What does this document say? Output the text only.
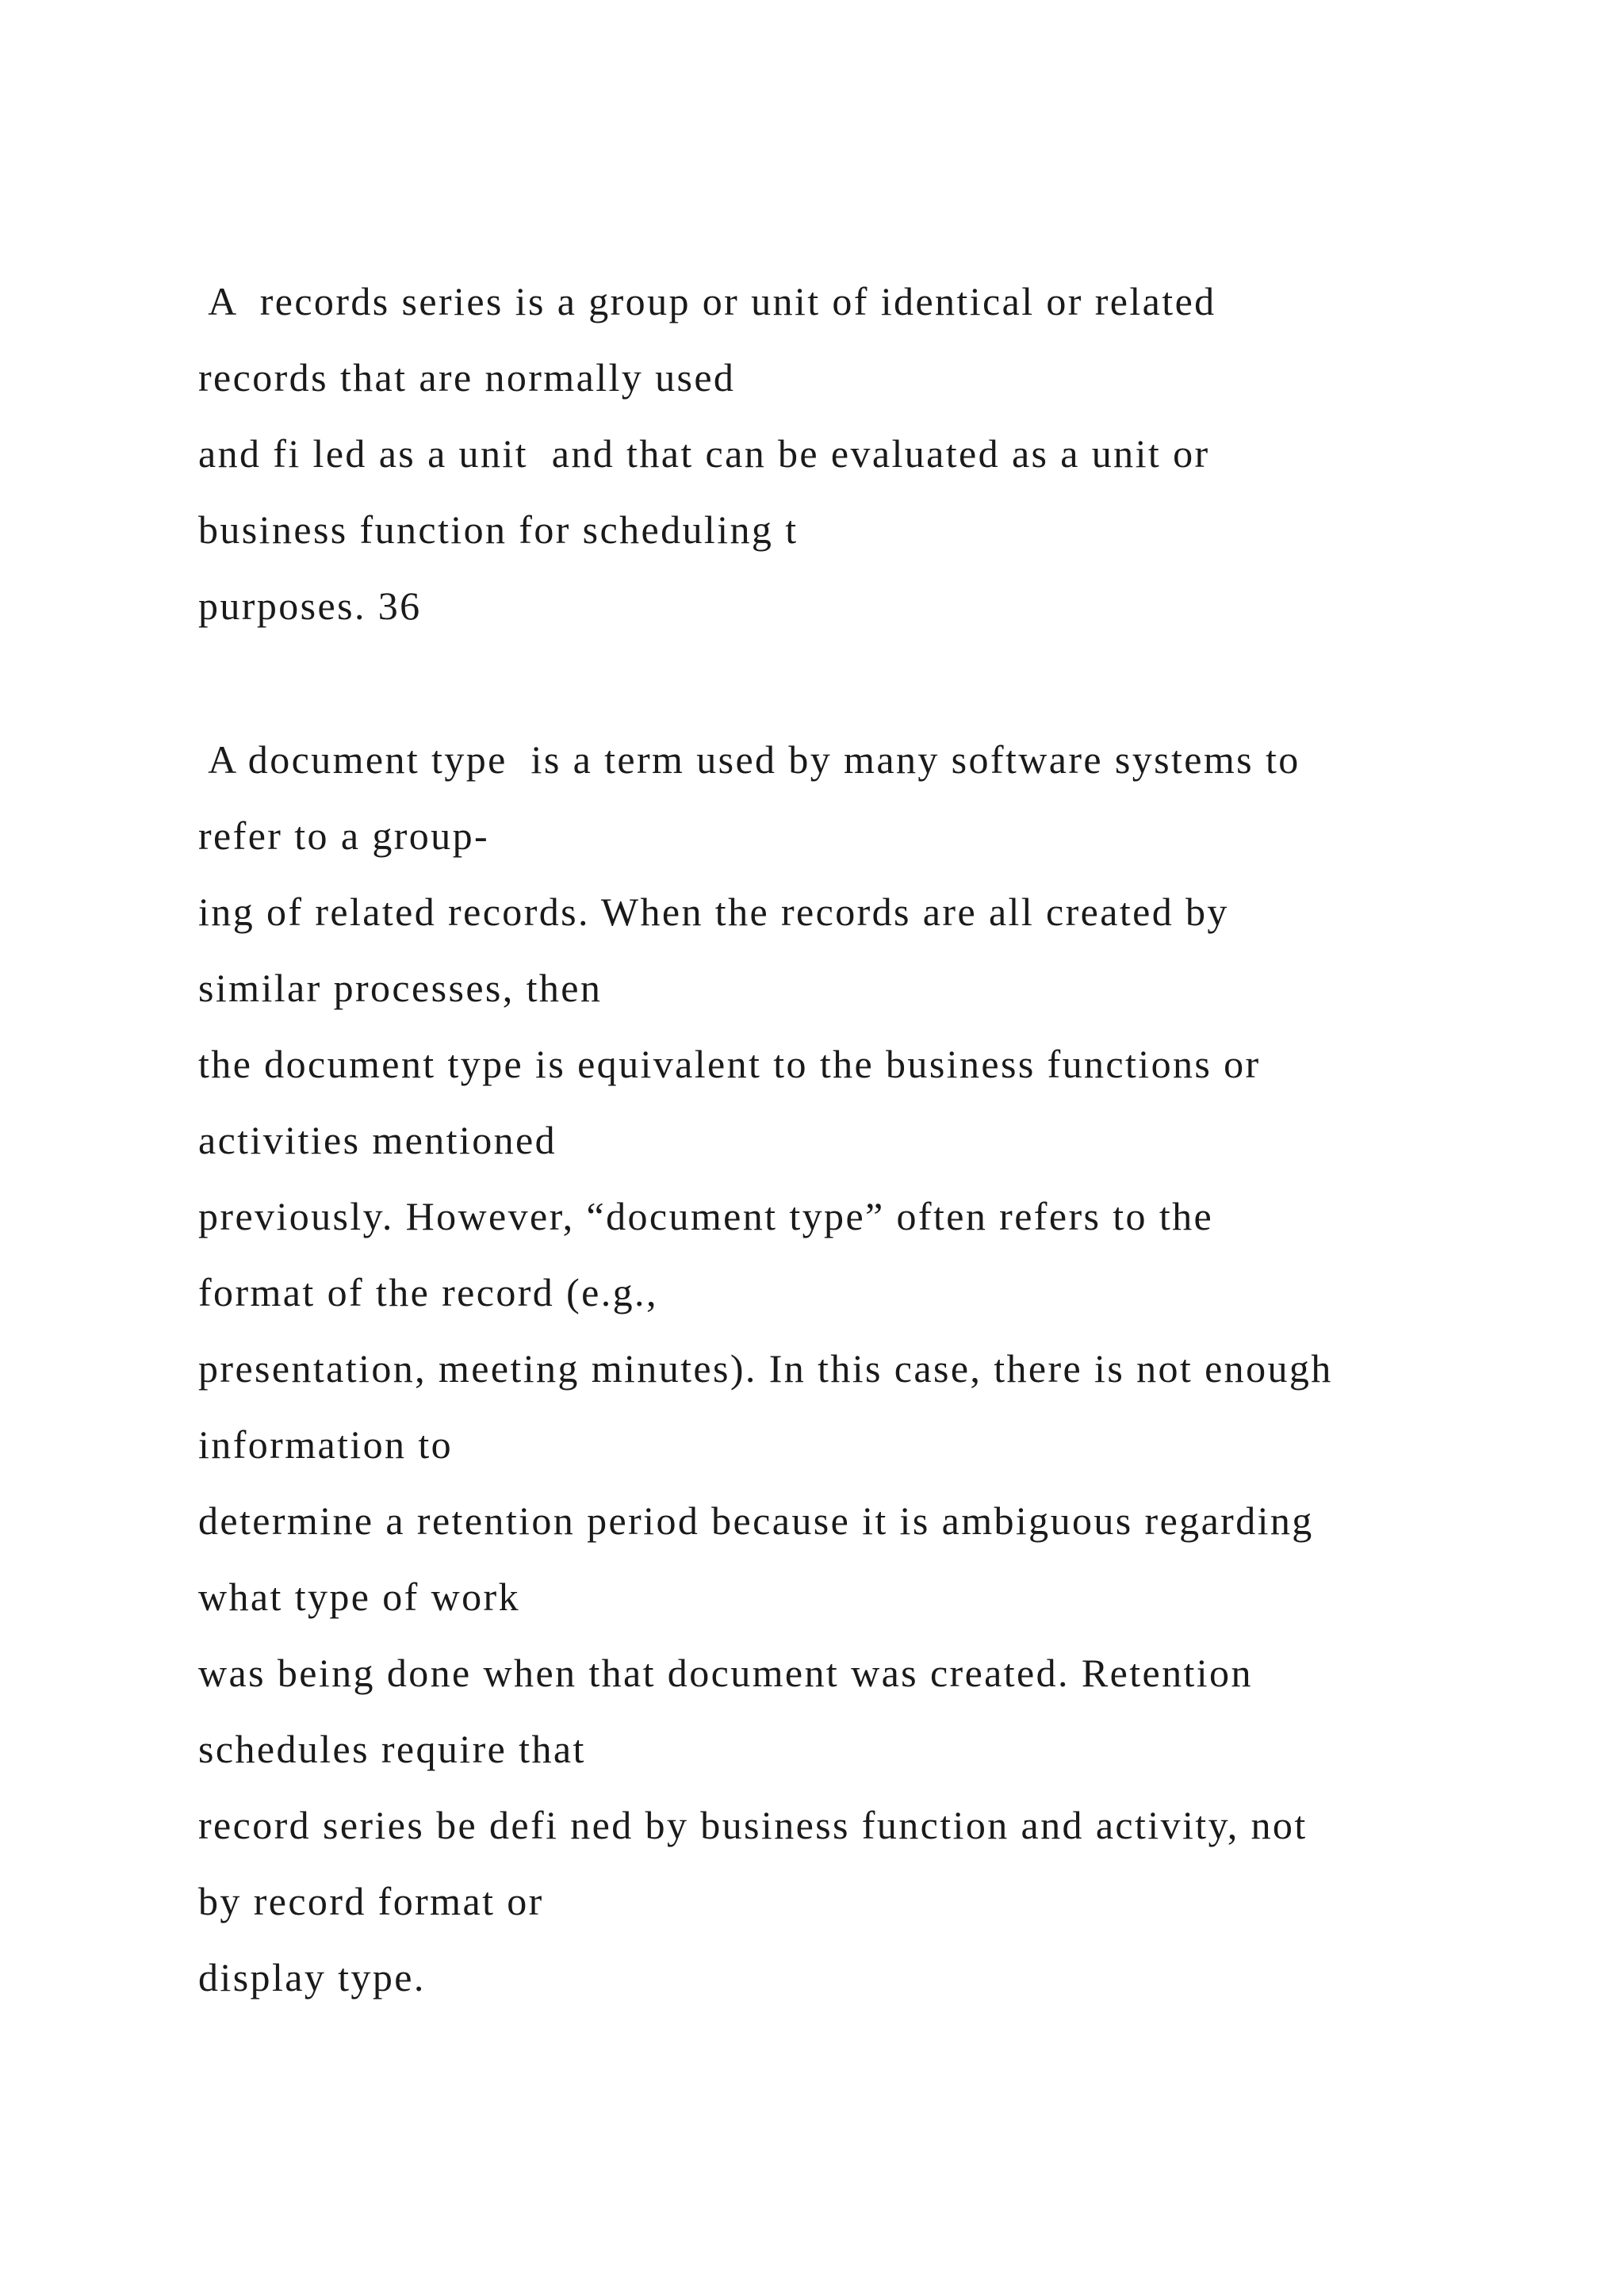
A  records series is a group or unit of identical or related

records that are normally used

and fi led as a unit  and that can be evaluated as a unit or

business function for scheduling t

purposes. 36

A document type  is a term used by many software systems to

refer to a group-

ing of related records. When the records are all created by

similar processes, then

the document type is equivalent to the business functions or

activities mentioned

previously. However, “document type” often refers to the

format of the record (e.g.,

presentation, meeting minutes). In this case, there is not enough

information to

determine a retention period because it is ambiguous regarding

what type of work

was being done when that document was created. Retention

schedules require that

record series be defi ned by business function and activity, not

by record format or

display type.
